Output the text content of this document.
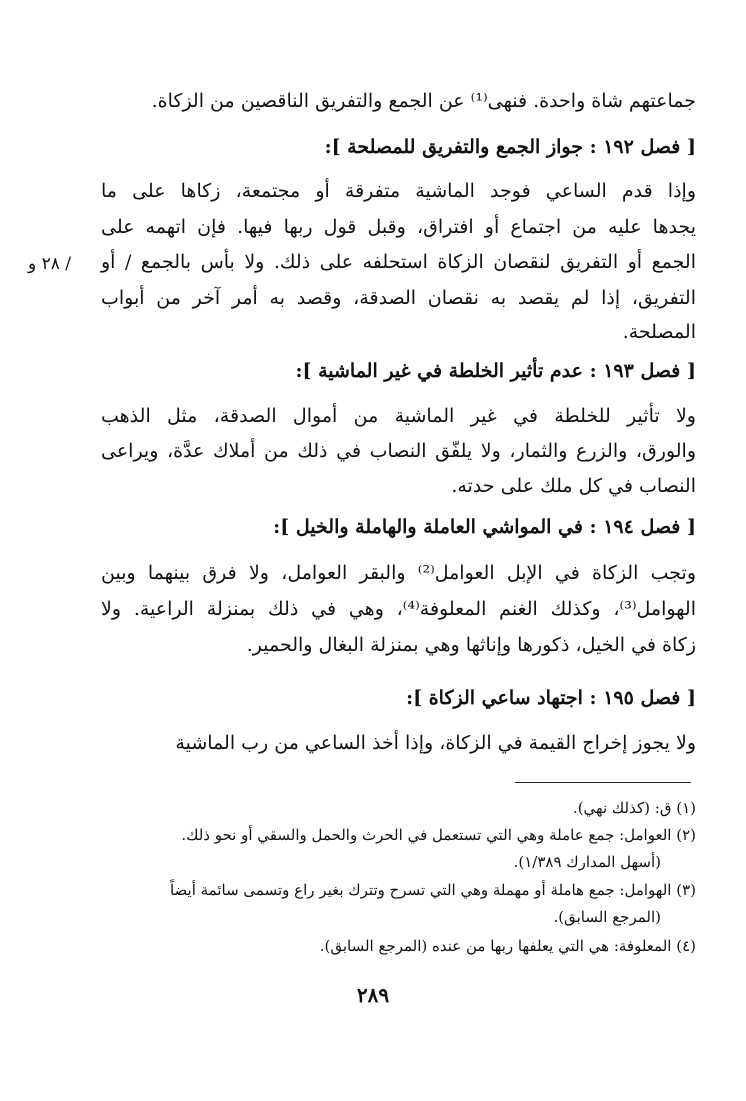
جماعتهم شاة واحدة. فنهى⁽¹⁾ عن الجمع والتفريق الناقصين من الزكاة.
[ فصل ١٩٢ : جواز الجمع والتفريق للمصلحة ]:
وإذا قدم الساعي فوجد الماشية متفرقة أو مجتمعة، زكاها على ما
يجدها عليه من اجتماع أو افتراق، وقبل قول ربها فيها. فإن اتهمه على
الجمع أو التفريق لنقصان الزكاة استحلفه على ذلك. ولا بأس بالجمع / أو
التفريق، إذا لم يقصد به نقصان الصدقة، وقصد به أمر آخر من أبواب
المصلحة.
/ ٢٨ و
[ فصل ١٩٣ : عدم تأثير الخلطة في غير الماشية ]:
ولا تأثير للخلطة في غير الماشية من أموال الصدقة، مثل الذهب
والورق، والزرع والثمار، ولا يلفّق النصاب في ذلك من أملاك عدَّة، ويراعى
النصاب في كل ملك على حدته.
[ فصل ١٩٤ : في المواشي العاملة والهاملة والخيل ]:
وتجب الزكاة في الإبل العوامل⁽²⁾ والبقر العوامل، ولا فرق بينهما وبين
الهوامل⁽³⁾، وكذلك الغنم المعلوفة⁽⁴⁾، وهي في ذلك بمنزلة الراعية. ولا
زكاة في الخيل، ذكورها وإناثها وهي بمنزلة البغال والحمير.
[ فصل ١٩٥ : اجتهاد ساعي الزكاة ]:
ولا يجوز إخراج القيمة في الزكاة، وإذا أخذ الساعي من رب الماشية
(١) ق: (كذلك نهي).
(٢) العوامل: جمع عاملة وهي التي تستعمل في الحرث والحمل والسقي أو نحو ذلك.
(أسهل المدارك ١/٣٨٩).
(٣) الهوامل: جمع هاملة أو مهملة وهي التي تسرح وتترك بغير راع وتسمى سائمة أيضاً
(المرجع السابق).
(٤) المعلوفة: هي التي يعلفها ربها من عنده (المرجع السابق).
٢٨٩
